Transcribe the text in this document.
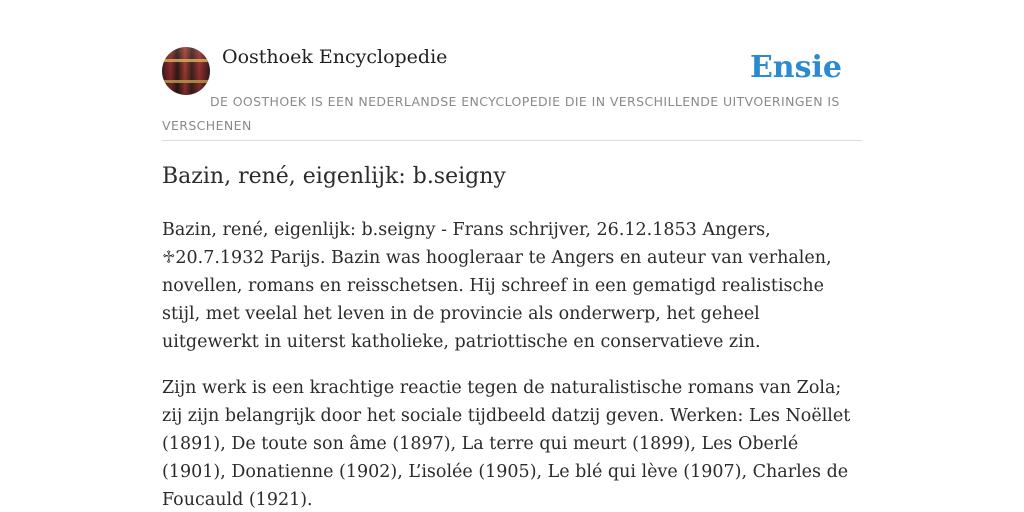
Oosthoek Encyclopedie	Ensie
DE OOSTHOEK IS EEN NEDERLANDSE ENCYCLOPEDIE DIE IN VERSCHILLENDE UITVOERINGEN IS VERSCHENEN
Bazin, rené, eigenlijk: b.seigny

Bazin, rené, eigenlijk: b.seigny - Frans schrijver, 26.12.1853 Angers, ♱20.7.1932 Parijs. Bazin was hoogleraar te Angers en auteur van verhalen, novellen, romans en reisschetsen. Hij schreef in een gematigd realistische stijl, met veelal het leven in de provincie als onderwerp, het geheel uitgewerkt in uiterst katholieke, patriottische en conservatieve zin.

Zijn werk is een krachtige reactie tegen de naturalistische romans van Zola; zij zijn belangrijk door het sociale tijdbeeld datzij geven. Werken: Les Noëllet (1891), De toute son âme (1897), La terre qui meurt (1899), Les Oberlé (1901), Donatienne (1902), L’isolée (1905), Le blé qui lève (1907), Charles de Foucauld (1921).
